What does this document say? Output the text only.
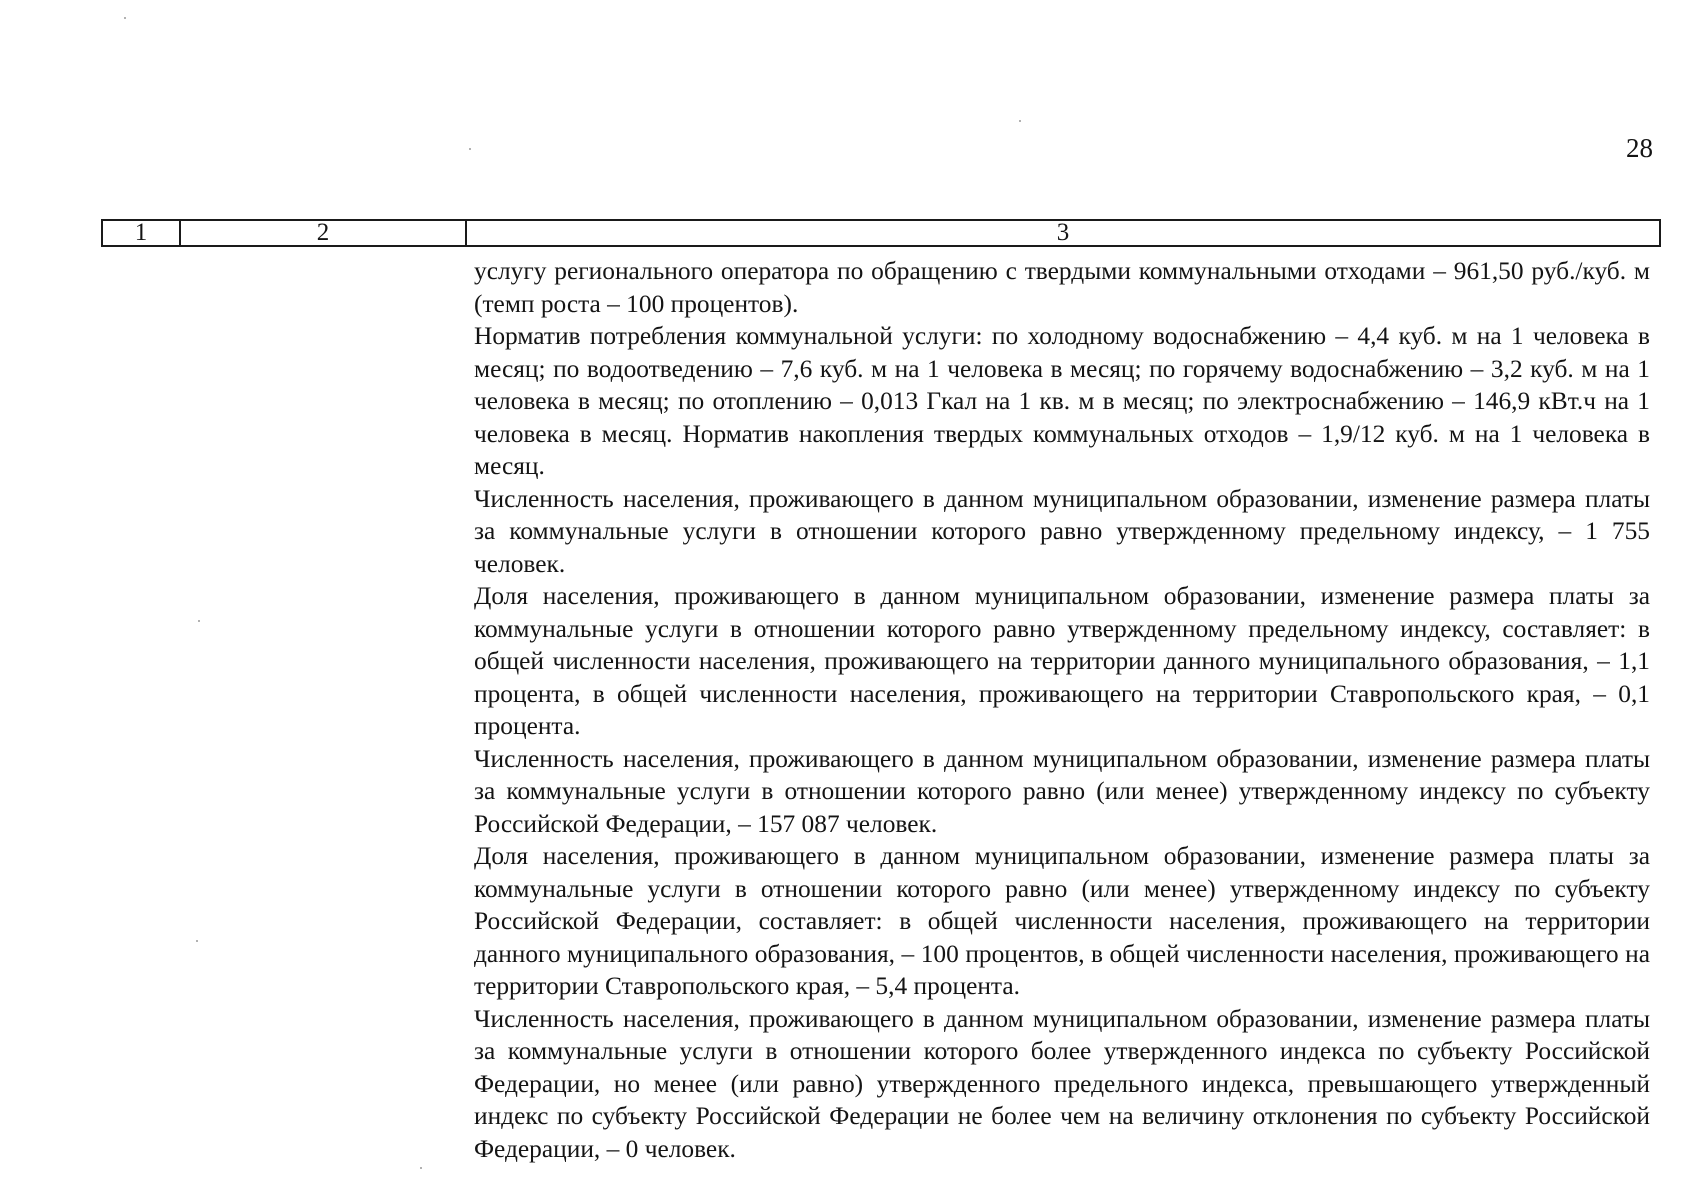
28
1	2	3

услугу регионального оператора по обращению с твердыми коммунальными отходами – 961,50 руб./куб. м (темп роста – 100 процентов).

Норматив потребления коммунальной услуги: по холодному водоснабжению – 4,4 куб. м на 1 человека в месяц; по водоотведению – 7,6 куб. м на 1 человека в месяц; по горячему водоснабжению – 3,2 куб. м на 1 человека в месяц; по отоплению – 0,013 Гкал на 1 кв. м в месяц; по электроснабжению – 146,9 кВт.ч на 1 человека в месяц. Норматив накопления твердых коммунальных отходов – 1,9/12 куб. м на 1 человека в месяц.

Численность населения, проживающего в данном муниципальном образовании, изменение размера платы за коммунальные услуги в отношении которого равно утвержденному предельному индексу, – 1 755 человек.

Доля населения, проживающего в данном муниципальном образовании, изменение размера платы за коммунальные услуги в отношении которого равно утвержденному предельному индексу, составляет: в общей численности населения, проживающего на территории данного муниципального образования, – 1,1 процента, в общей численности населения, проживающего на территории Ставропольского края, – 0,1 процента.

Численность населения, проживающего в данном муниципальном образовании, изменение размера платы за коммунальные услуги в отношении которого равно (или менее) утвержденному индексу по субъекту Российской Федерации, – 157 087 человек.

Доля населения, проживающего в данном муниципальном образовании, изменение размера платы за коммунальные услуги в отношении которого равно (или менее) утвержденному индексу по субъекту Российской Федерации, составляет: в общей численности населения, проживающего на территории данного муниципального образования, – 100 процентов, в общей численности населения, проживающего на территории Ставропольского края, – 5,4 процента.

Численность населения, проживающего в данном муниципальном образовании, изменение размера платы за коммунальные услуги в отношении которого более утвержденного индекса по субъекту Российской Федерации, но менее (или равно) утвержденного предельного индекса, превышающего утвержденный индекс по субъекту Российской Федерации не более чем на величину отклонения по субъекту Российской Федерации, – 0 человек.
